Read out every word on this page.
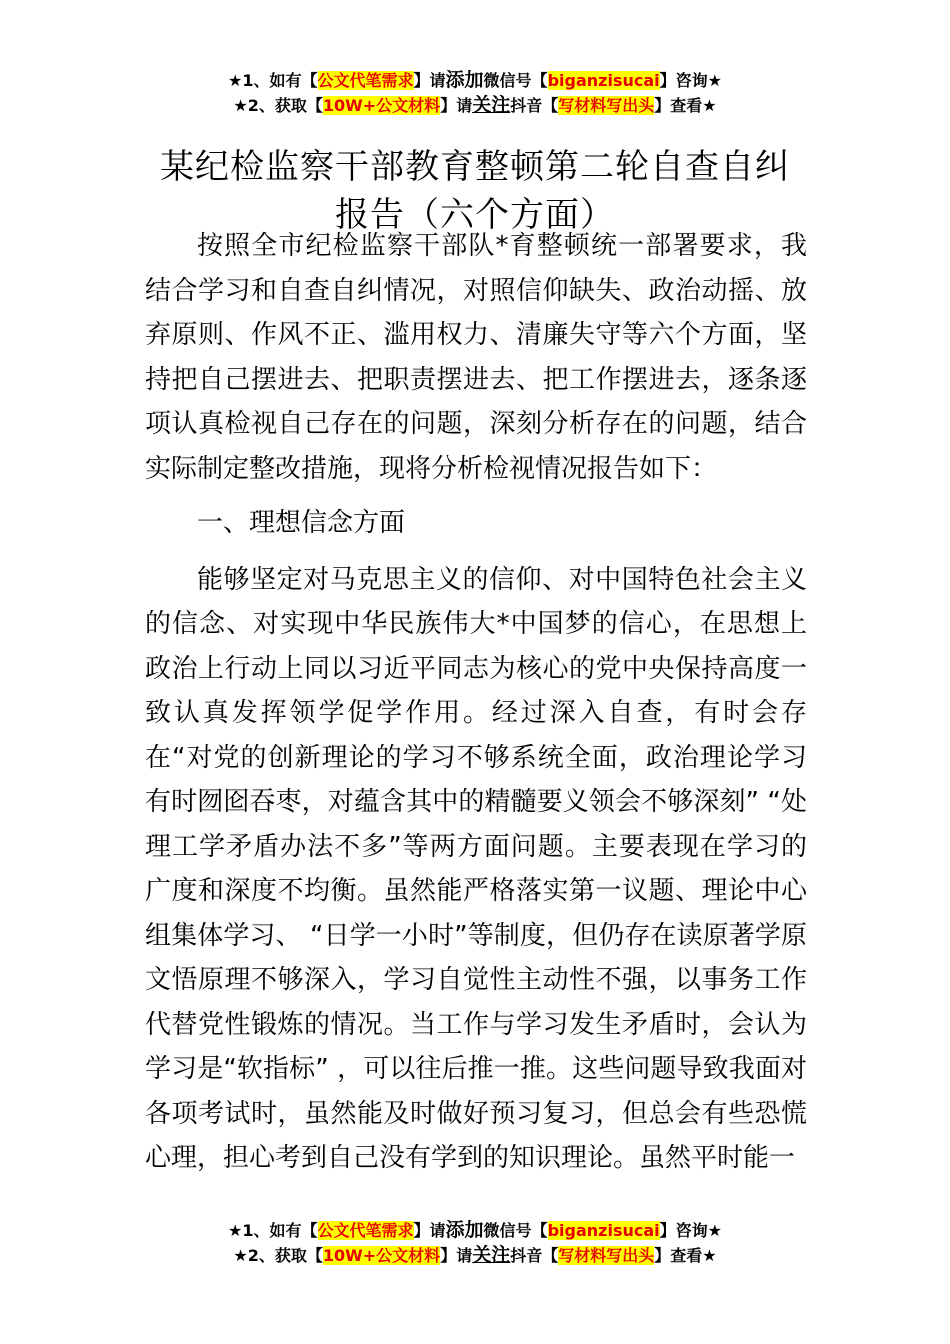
★1、如有【公文代笔需求】请添加微信号【biganzisucai】咨询★
★2、获取【10W+公文材料】请关注抖音【写材料写出头】查看★
某纪检监察干部教育整顿第二轮自查自纠报告（六个方面）

按照全市纪检监察干部队*育整顿统一部署要求，我结合学习和自查自纠情况，对照信仰缺失、政治动摇、放弃原则、作风不正、滥用权力、清廉失守等六个方面，坚持把自己摆进去、把职责摆进去、把工作摆进去，逐条逐项认真检视自己存在的问题，深刻分析存在的问题，结合实际制定整改措施，现将分析检视情况报告如下：

一、理想信念方面

能够坚定对马克思主义的信仰、对中国特色社会主义的信念、对实现中华民族伟大*中国梦的信心，在思想上政治上行动上同以习近平同志为核心的党中央保持高度一致认真发挥领学促学作用。经过深入自查，有时会存在“对党的创新理论的学习不够系统全面，政治理论学习有时囫囵吞枣，对蕴含其中的精髓要义领会不够深刻” “处理工学矛盾办法不多”等两方面问题。主要表现在学习的广度和深度不均衡。虽然能严格落实第一议题、理论中心组集体学习、 “日学一小时”等制度，但仍存在读原著学原文悟原理不够深入，学习自觉性主动性不强，以事务工作代替党性锻炼的情况。当工作与学习发生矛盾时，会认为学习是“软指标” ，可以往后推一推。这些问题导致我面对各项考试时，虽然能及时做好预习复习，但总会有些恐慌心理，担心考到自己没有学到的知识理论。虽然平时能一

★1、如有【公文代笔需求】请添加微信号【biganzisucai】咨询★
★2、获取【10W+公文材料】请关注抖音【写材料写出头】查看★
